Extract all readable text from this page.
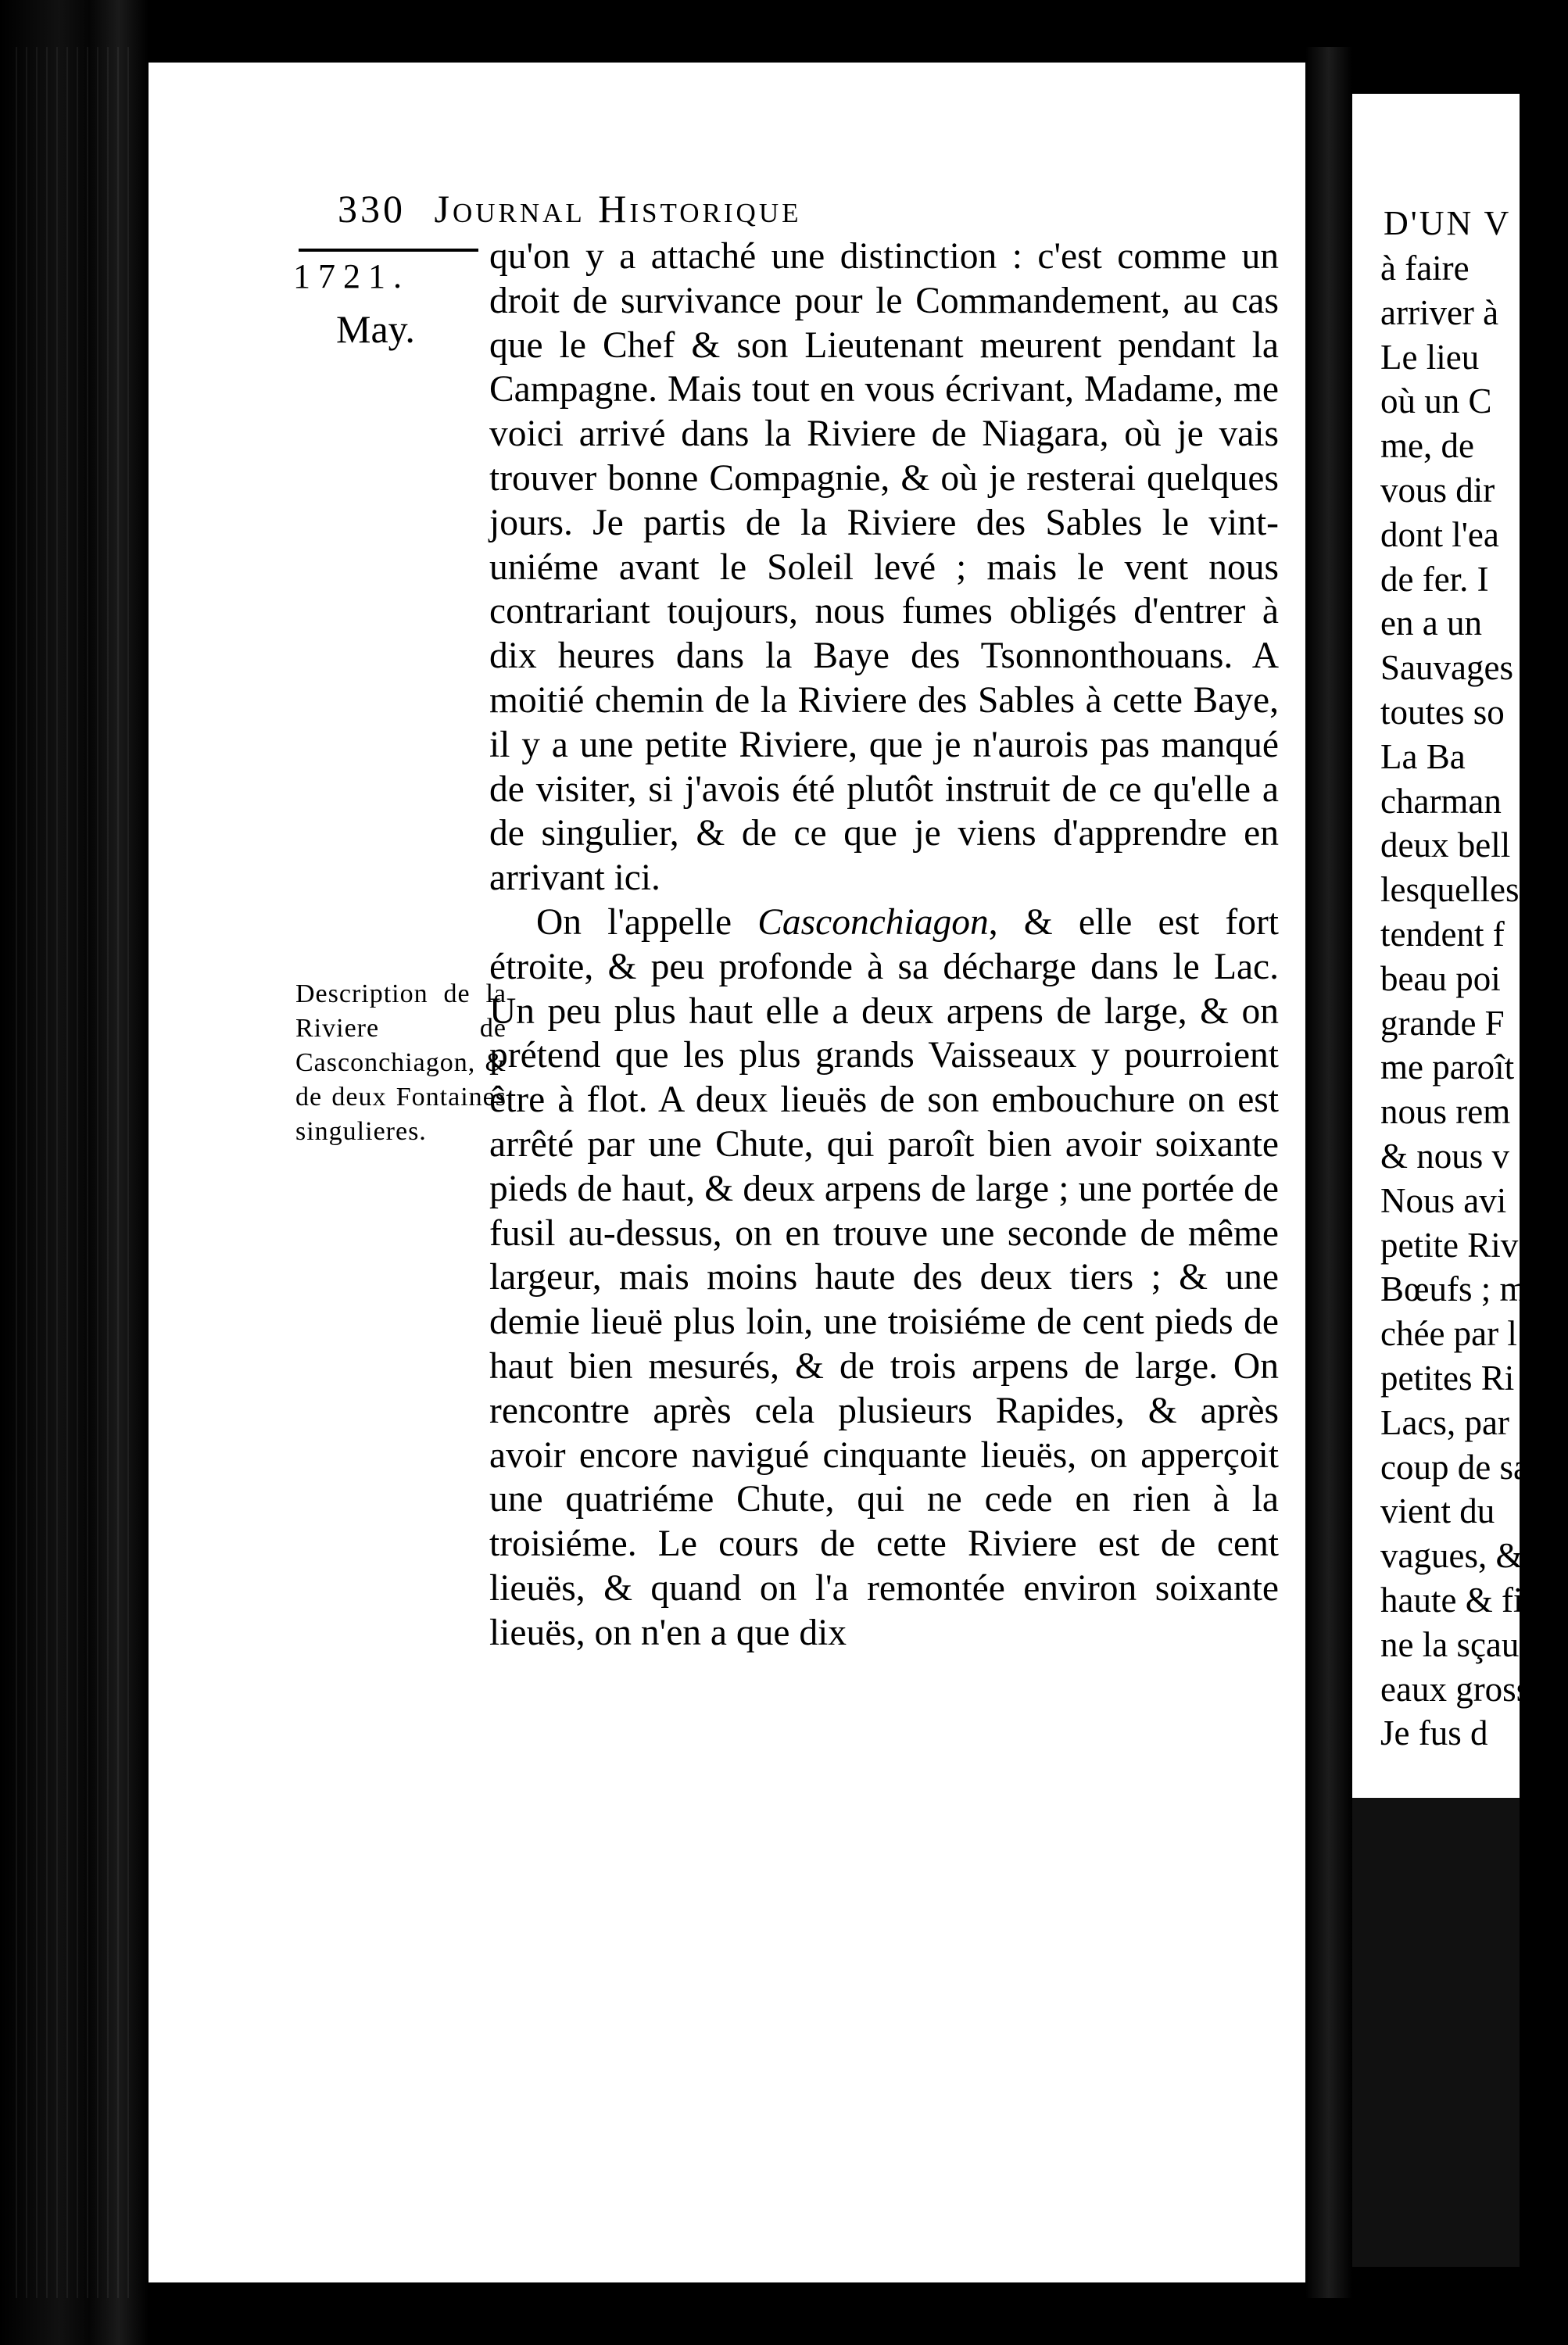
D'UN V
à faire
arriver à
Le lieu
où un C
me, de
vous dir
dont l'ea
de fer. I
en a un
Sauvages
toutes so
La Ba
charman
deux bell
lesquelles
tendent f
beau poi
grande F
me paroît
nous rem
& nous v
Nous avi
petite Riv
Bœufs ; m
chée par l
petites Ri
Lacs, par
coup de sa
vient du
vagues, &
haute & fi
ne la sçau
eaux grossi
Je fus d
330 Journal Historique
1721.
May.
Description de la Riviere de Casconchiagon, & de deux Fontaines singulieres.

qu'on y a attaché une distinction : c'est comme un droit de survivance pour le Commandement, au cas que le Chef & son Lieutenant meurent pendant la Campagne. Mais tout en vous écrivant, Madame, me voici arrivé dans la Riviere de Niagara, où je vais trouver bonne Compagnie, & où je resterai quelques jours. Je partis de la Riviere des Sables le vint-uniéme avant le Soleil levé ; mais le vent nous contrariant toujours, nous fumes obligés d'entrer à dix heures dans la Baye des Tsonnonthouans. A moitié chemin de la Riviere des Sables à cette Baye, il y a une petite Riviere, que je n'aurois pas manqué de visiter, si j'avois été plutôt instruit de ce qu'elle a de singulier, & de ce que je viens d'apprendre en arrivant ici.

On l'appelle Casconchiagon, & elle est fort étroite, & peu profonde à sa décharge dans le Lac. Un peu plus haut elle a deux arpens de large, & on prétend que les plus grands Vaisseaux y pourroient être à flot. A deux lieuës de son embouchure on est arrêté par une Chute, qui paroît bien avoir soixante pieds de haut, & deux arpens de large ; une portée de fusil au-dessus, on en trouve une seconde de même largeur, mais moins haute des deux tiers ; & une demie lieuë plus loin, une troisiéme de cent pieds de haut bien mesurés, & de trois arpens de large. On rencontre après cela plusieurs Rapides, & après avoir encore navigué cinquante lieuës, on apperçoit une quatriéme Chute, qui ne cede en rien à la troisiéme. Le cours de cette Riviere est de cent lieuës, & quand on l'a remontée environ soixante lieuës, on n'en a que dix
